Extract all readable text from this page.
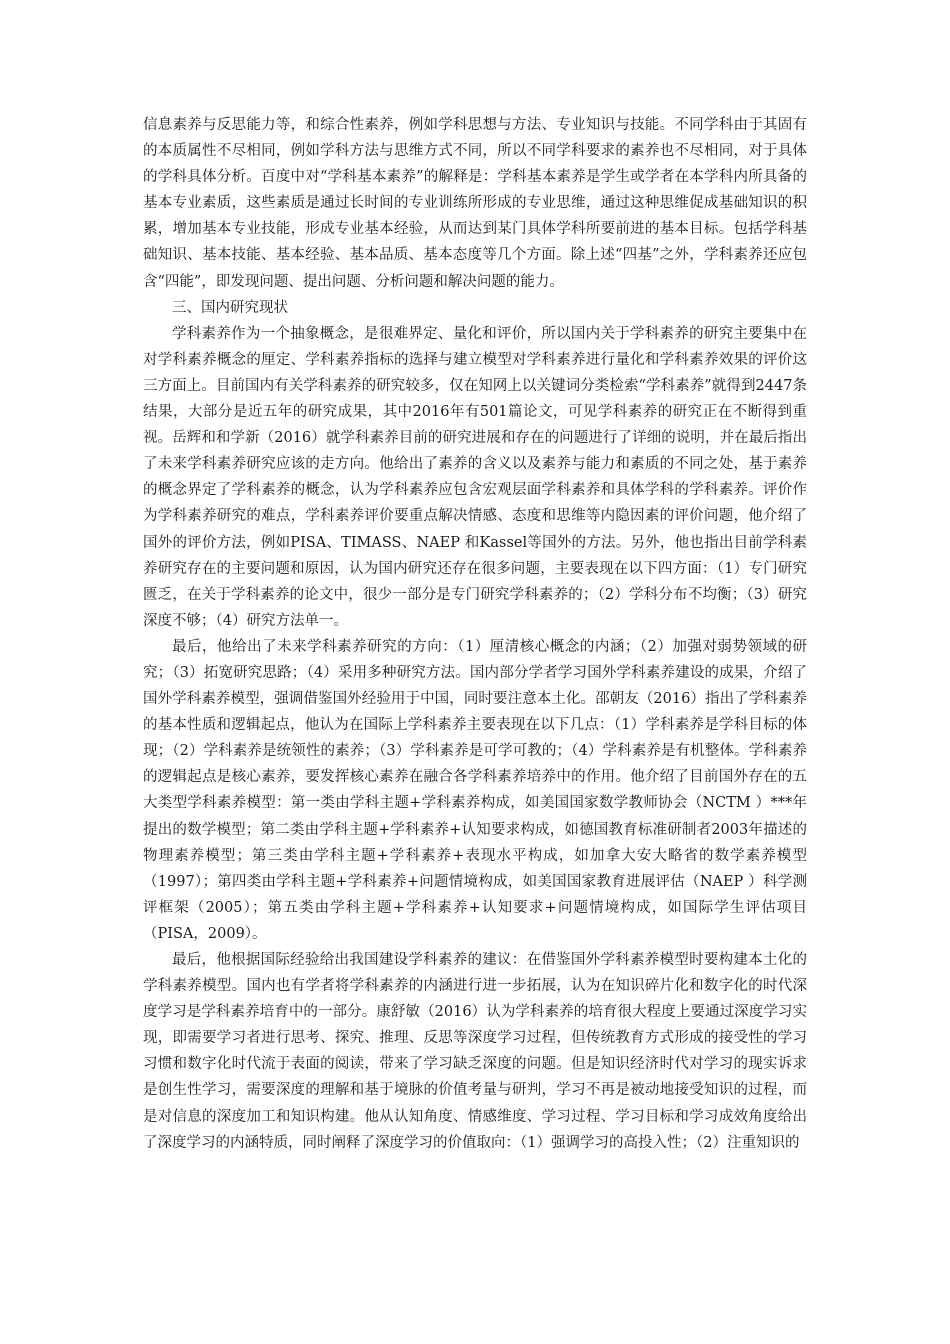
信息素养与反思能力等，和综合性素养，例如学科思想与方法、专业知识与技能。不同学科由于其固有的本质属性不尽相同，例如学科方法与思维方式不同，所以不同学科要求的素养也不尽相同，对于具体的学科具体分析。百度中对“学科基本素养”的解释是：学科基本素养是学生或学者在本学科内所具备的基本专业素质，这些素质是通过长时间的专业训练所形成的专业思维，通过这种思维促成基础知识的积累，增加基本专业技能，形成专业基本经验，从而达到某门具体学科所要前进的基本目标。包括学科基础知识、基本技能、基本经验、基本品质、基本态度等几个方面。除上述“四基”之外，学科素养还应包含“四能”，即发现问题、提出问题、分析问题和解决问题的能力。

三、国内研究现状

学科素养作为一个抽象概念，是很难界定、量化和评价，所以国内关于学科素养的研究主要集中在对学科素养概念的厘定、学科素养指标的选择与建立模型对学科素养进行量化和学科素养效果的评价这三方面上。目前国内有关学科素养的研究较多，仅在知网上以关键词分类检索“学科素养”就得到2447条结果，大部分是近五年的研究成果，其中2016年有501篇论文，可见学科素养的研究正在不断得到重视。岳辉和和学新（2016）就学科素养目前的研究进展和存在的问题进行了详细的说明，并在最后指出了未来学科素养研究应该的走方向。他给出了素养的含义以及素养与能力和素质的不同之处，基于素养的概念界定了学科素养的概念，认为学科素养应包含宏观层面学科素养和具体学科的学科素养。评价作为学科素养研究的难点，学科素养评价要重点解决情感、态度和思维等内隐因素的评价问题，他介绍了国外的评价方法，例如PISA、TIMASS、NAEP 和Kassel等国外的方法。另外，他也指出目前学科素养研究存在的主要问题和原因，认为国内研究还存在很多问题，主要表现在以下四方面：（1）专门研究匮乏，在关于学科素养的论文中，很少一部分是专门研究学科素养的；（2）学科分布不均衡；（3）研究深度不够；（4）研究方法单一。

最后，他给出了未来学科素养研究的方向：（1）厘清核心概念的内涵；（2）加强对弱势领域的研究；（3）拓宽研究思路；（4）采用多种研究方法。国内部分学者学习国外学科素养建设的成果，介绍了国外学科素养模型，强调借鉴国外经验用于中国，同时要注意本土化。邵朝友（2016）指出了学科素养的基本性质和逻辑起点，他认为在国际上学科素养主要表现在以下几点：（1）学科素养是学科目标的体现；（2）学科素养是统领性的素养；（3）学科素养是可学可教的；（4）学科素养是有机整体。学科素养的逻辑起点是核心素养，要发挥核心素养在融合各学科素养培养中的作用。他介绍了目前国外存在的五大类型学科素养模型：第一类由学科主题+学科素养构成，如美国国家数学教师协会（NCTM ）***年提出的数学模型；第二类由学科主题+学科素养+认知要求构成，如德国教育标准研制者2003年描述的物理素养模型；第三类由学科主题+学科素养+表现水平构成，如加拿大安大略省的数学素养模型（1997）；第四类由学科主题+学科素养+问题情境构成，如美国国家教育进展评估（NAEP ）科学测评框架（2005）；第五类由学科主题+学科素养+认知要求+问题情境构成，如国际学生评估项目（PISA，2009）。

最后，他根据国际经验给出我国建设学科素养的建议：在借鉴国外学科素养模型时要构建本土化的学科素养模型。国内也有学者将学科素养的内涵进行进一步拓展，认为在知识碎片化和数字化的时代深度学习是学科素养培育中的一部分。康舒敏（2016）认为学科素养的培育很大程度上要通过深度学习实现，即需要学习者进行思考、探究、推理、反思等深度学习过程，但传统教育方式形成的接受性的学习习惯和数字化时代流于表面的阅读，带来了学习缺乏深度的问题。但是知识经济时代对学习的现实诉求是创生性学习，需要深度的理解和基于境脉的价值考量与研判，学习不再是被动地接受知识的过程，而是对信息的深度加工和知识构建。他从认知角度、情感维度、学习过程、学习目标和学习成效角度给出了深度学习的内涵特质，同时阐释了深度学习的价值取向：（1）强调学习的高投入性；（2）注重知识的
